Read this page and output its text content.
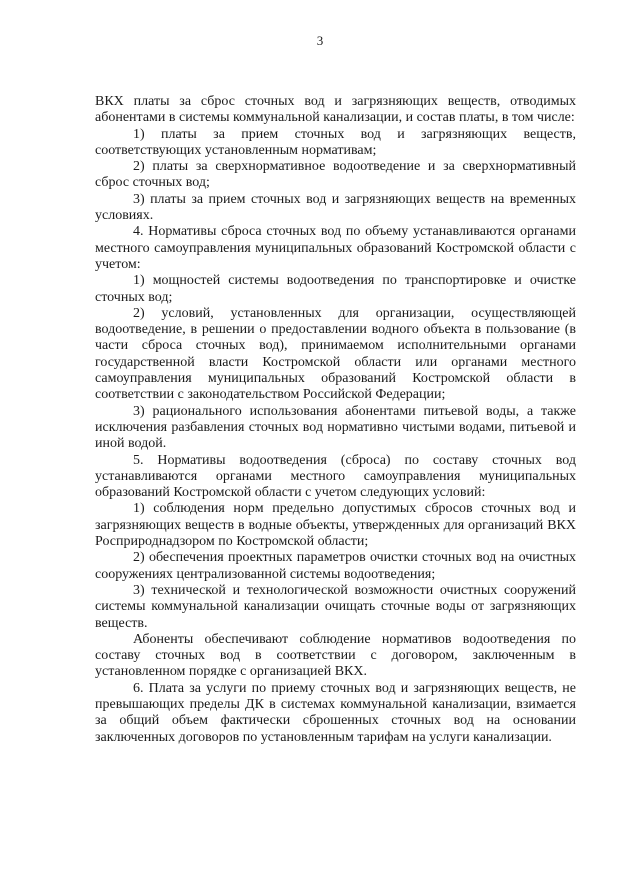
3

ВКХ платы за сброс сточных вод и загрязняющих веществ, отводимых абонентами в системы коммунальной канализации, и состав платы, в том числе:

1) платы за прием сточных вод и загрязняющих веществ, соответствующих установленным нормативам;

2) платы за сверхнормативное водоотведение и за сверхнормативный сброс сточных вод;

3) платы за прием сточных вод и загрязняющих веществ на временных условиях.

4. Нормативы сброса сточных вод по объему устанавливаются органами местного самоуправления муниципальных образований Костромской области с учетом:

1) мощностей системы водоотведения по транспортировке и очистке сточных вод;

2) условий, установленных для организации, осуществляющей водоотведение, в решении о предоставлении водного объекта в пользование (в части сброса сточных вод), принимаемом исполнительными органами государственной власти Костромской области или органами местного самоуправления муниципальных образований Костромской области в соответствии с законодательством Российской Федерации;

3) рационального использования абонентами питьевой воды, а также исключения разбавления сточных вод нормативно чистыми водами, питьевой и иной водой.

5. Нормативы водоотведения (сброса) по составу сточных вод устанавливаются органами местного самоуправления муниципальных образований Костромской области с учетом следующих условий:

1) соблюдения норм предельно допустимых сбросов сточных вод и загрязняющих веществ в водные объекты, утвержденных для организаций ВКХ Росприроднадзором по Костромской области;

2) обеспечения проектных параметров очистки сточных вод на очистных сооружениях централизованной системы водоотведения;

3) технической и технологической возможности очистных сооружений системы коммунальной канализации очищать сточные воды от загрязняющих веществ.

Абоненты обеспечивают соблюдение нормативов водоотведения по составу сточных вод в соответствии с договором, заключенным в установленном порядке с организацией ВКХ.

6. Плата за услуги по приему сточных вод и загрязняющих веществ, не превышающих пределы ДК в системах коммунальной канализации, взимается за общий объем фактически сброшенных сточных вод на основании заключенных договоров по установленным тарифам на услуги канализации.
